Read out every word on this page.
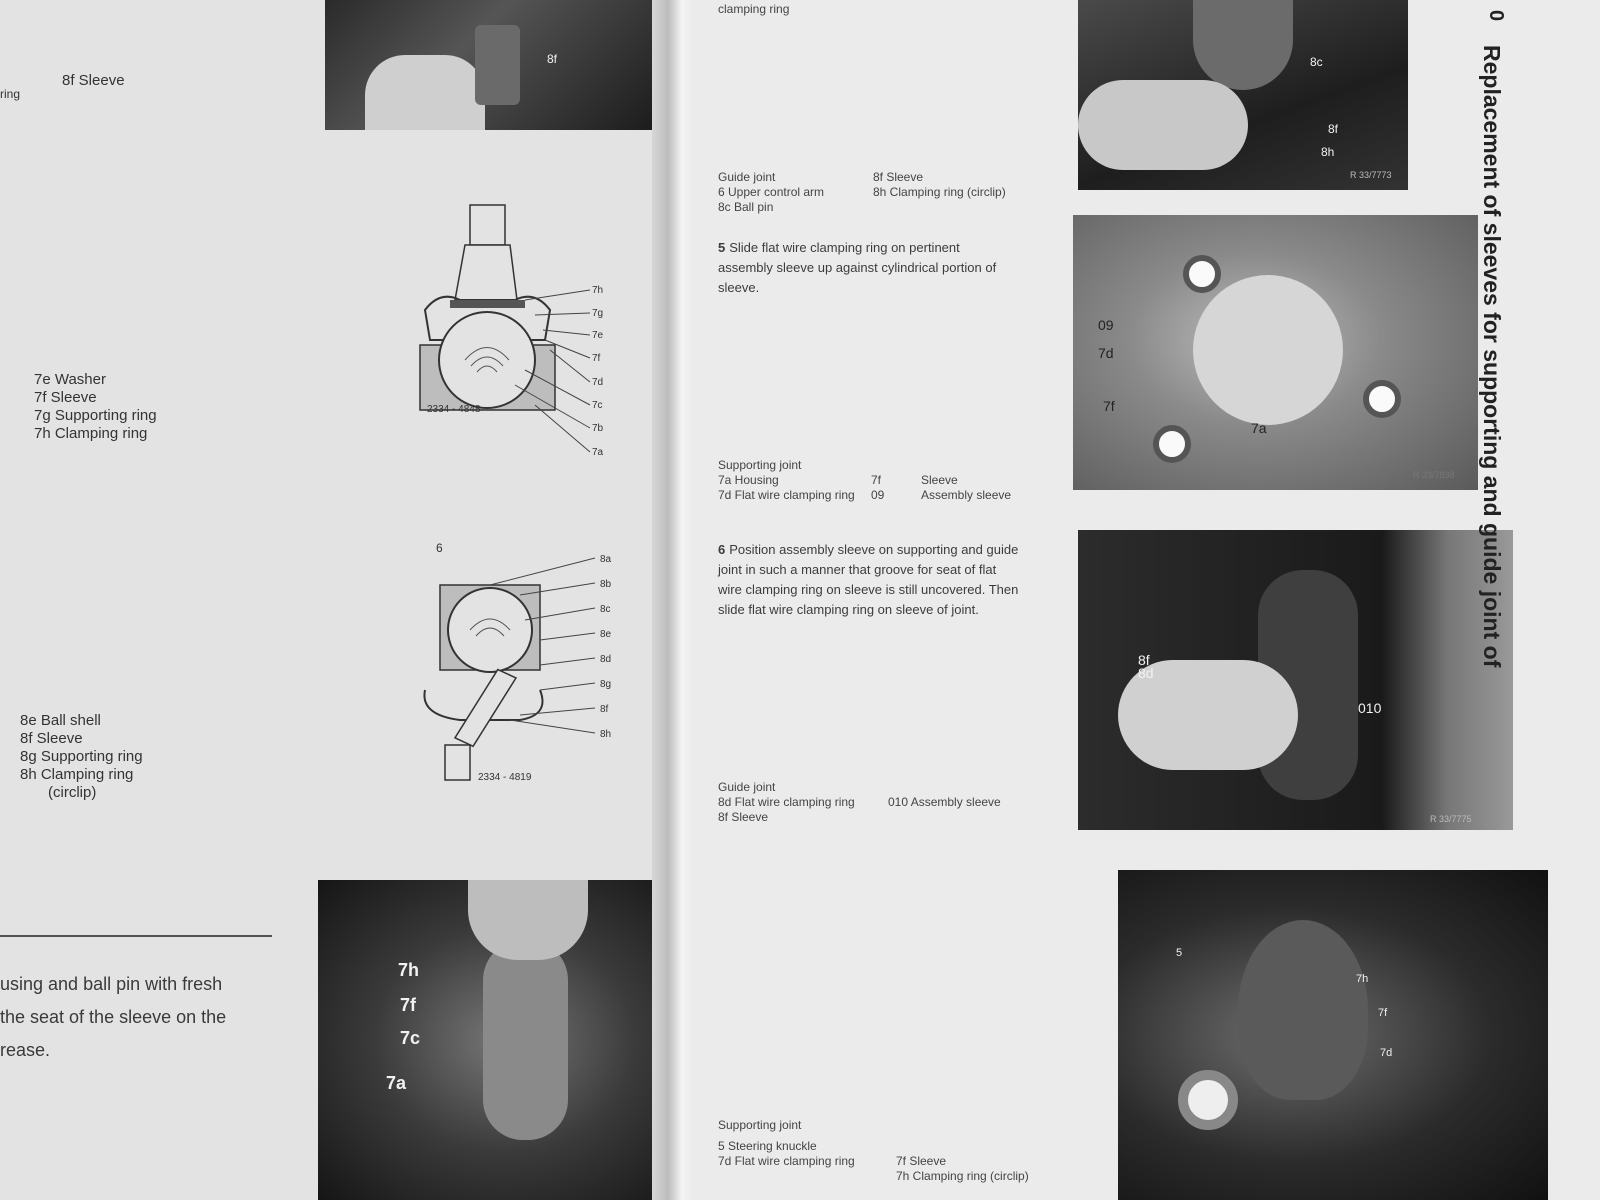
8f
8f Sleeve
ring
2334 - 4848
7h
7g
7e
7f
7d
7c
7b
7a
7e Washer
7f Sleeve
7g Supporting ring
7h Clamping ring
6
2334 - 4819
8a
8b
8c
8e
8d
8g
8f
8h
8e Ball shell
8f Sleeve
8g Supporting ring
8h Clamping ring
(circlip)
using and ball pin with fresh
the seat of the sleeve on the
rease.
7h
7f
7c
7a
clamping ring
Guide joint
6 Upper control arm
8c Ball pin
8f Sleeve
8h Clamping ring (circlip)
5 Slide flat wire clamping ring on pertinent
assembly sleeve up against cylindrical portion of
sleeve.
Supporting joint
7a Housing
7d Flat wire clamping ring
7f
09
Sleeve
Assembly sleeve
6 Position assembly sleeve on supporting and guide
joint in such a manner that groove for seat of flat
wire clamping ring on sleeve is still uncovered. Then
slide flat wire clamping ring on sleeve of joint.
Guide joint
8d Flat wire clamping ring
8f Sleeve
010 Assembly sleeve
Supporting joint
5 Steering knuckle
7d Flat wire clamping ring	7f Sleeve
7h Clamping ring (circlip)
8c
8f
8h
R 33/7773
09
7d
7f
7a
R 33/7838
8f
8d
010
R 33/7775
5
7h
7f
7d
0
Replacement of sleeves for supporting and guide joint of
